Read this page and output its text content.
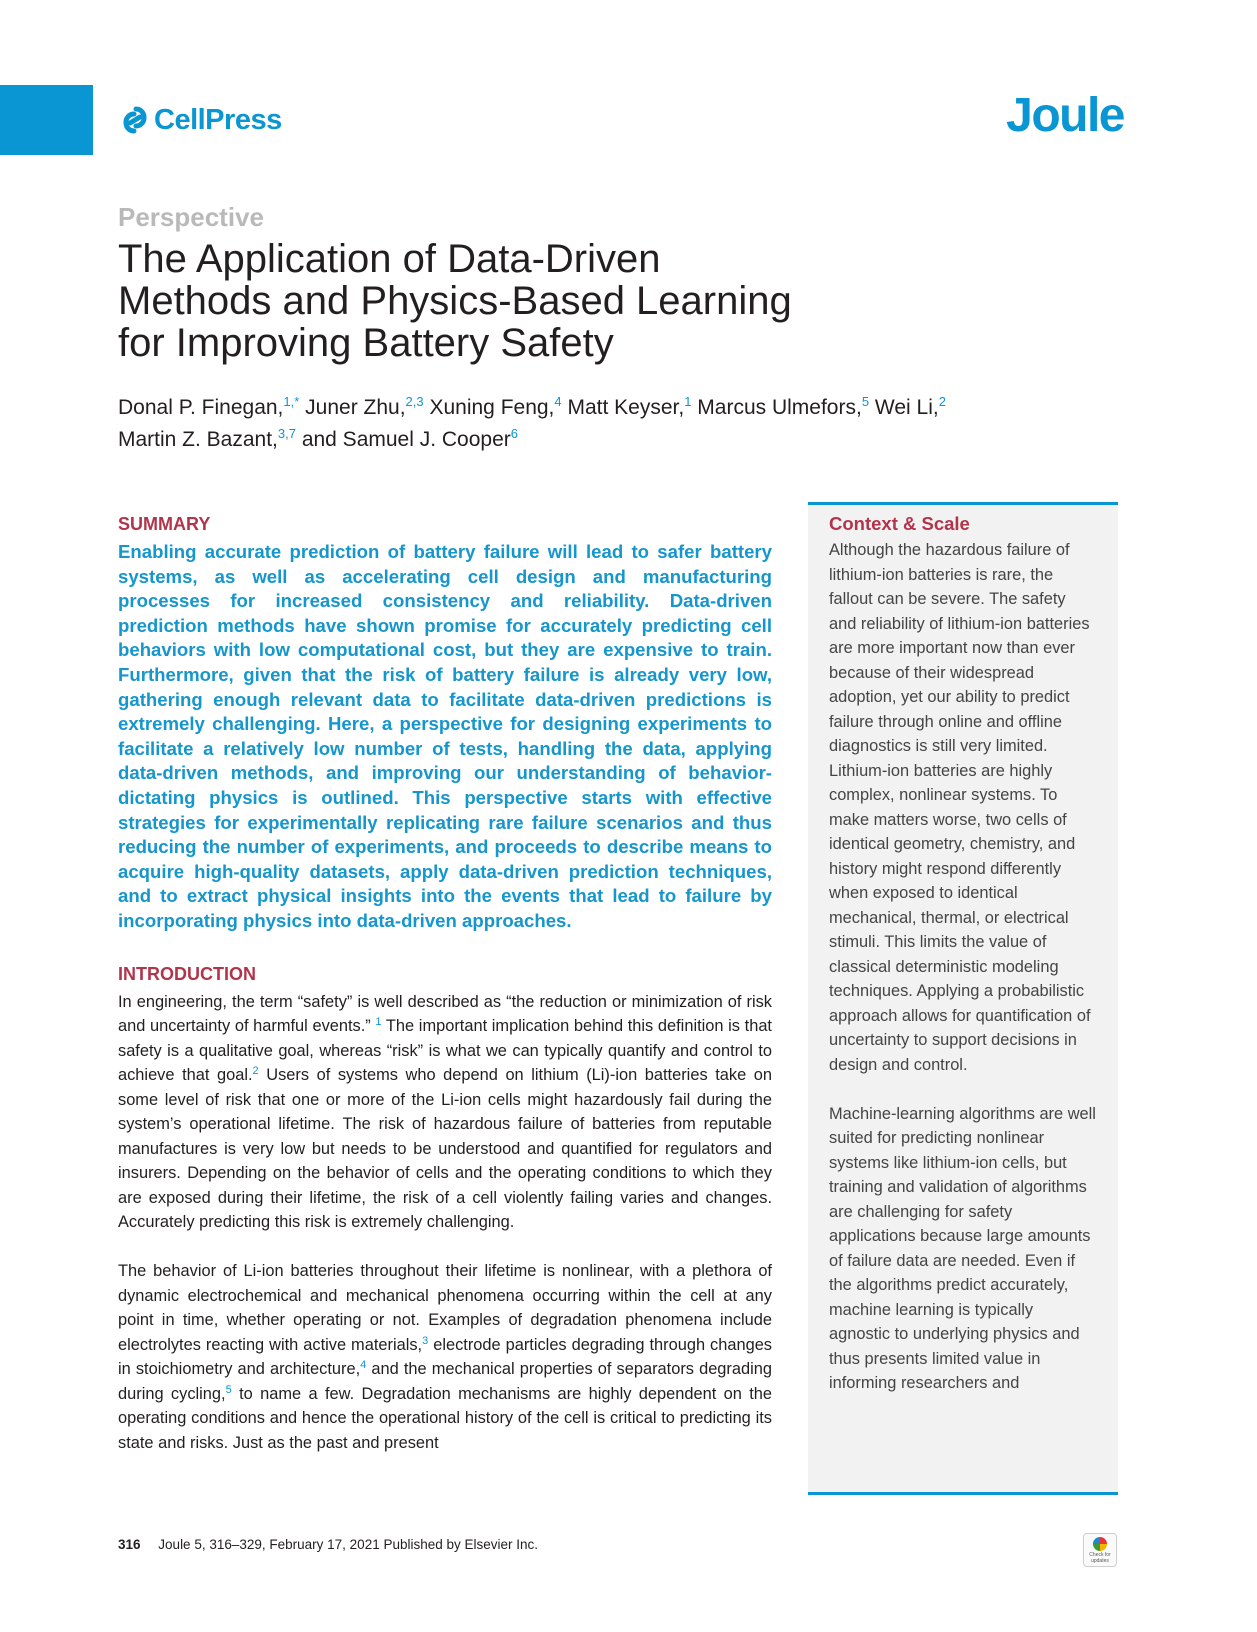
CellPress	Joule
Perspective
The Application of Data-Driven
Methods and Physics-Based Learning
for Improving Battery Safety
Donal P. Finegan,$^{1,*}$ Juner Zhu,$^{2,3}$ Xuning Feng,$^4$ Matt Keyser,$^1$ Marcus Ulmefors,$^5$ Wei Li,$^2$
Martin Z. Bazant,$^{3,7}$ and Samuel J. Cooper$^6$
SUMMARY

Enabling accurate prediction of battery failure will lead to safer battery systems, as well as accelerating cell design and manufacturing processes for increased consistency and reliability. Data-driven prediction methods have shown promise for accurately predicting cell behaviors with low computational cost, but they are expensive to train. Furthermore, given that the risk of battery failure is already very low, gathering enough relevant data to facilitate data-driven predictions is extremely challenging. Here, a perspective for designing experiments to facilitate a relatively low number of tests, handling the data, applying data-driven methods, and improving our understanding of behavior-dictating physics is outlined. This perspective starts with effective strategies for experimentally replicating rare failure scenarios and thus reducing the number of experiments, and proceeds to describe means to acquire high-quality datasets, apply data-driven prediction techniques, and to extract physical insights into the events that lead to failure by incorporating physics into data-driven approaches.

INTRODUCTION

In engineering, the term “safety” is well described as “the reduction or minimization of risk and uncertainty of harmful events.” $^1$ The important implication behind this definition is that safety is a qualitative goal, whereas “risk” is what we can typically quantify and control to achieve that goal.$^2$ Users of systems who depend on lithium (Li)-ion batteries take on some level of risk that one or more of the Li-ion cells might hazardously fail during the system’s operational lifetime. The risk of hazardous failure of batteries from reputable manufactures is very low but needs to be understood and quantified for regulators and insurers. Depending on the behavior of cells and the operating conditions to which they are exposed during their lifetime, the risk of a cell violently failing varies and changes. Accurately predicting this risk is extremely challenging.

The behavior of Li-ion batteries throughout their lifetime is nonlinear, with a plethora of dynamic electrochemical and mechanical phenomena occurring within the cell at any point in time, whether operating or not. Examples of degradation phenomena include electrolytes reacting with active materials,$^3$ electrode particles degrading through changes in stoichiometry and architecture,$^4$ and the mechanical properties of separators degrading during cycling,$^5$ to name a few. Degradation mechanisms are highly dependent on the operating conditions and hence the operational history of the cell is critical to predicting its state and risks. Just as the past and present

Context & Scale

Although the hazardous failure of lithium-ion batteries is rare, the fallout can be severe. The safety and reliability of lithium-ion batteries are more important now than ever because of their widespread adoption, yet our ability to predict failure through online and offline diagnostics is still very limited. Lithium-ion batteries are highly complex, nonlinear systems. To make matters worse, two cells of identical geometry, chemistry, and history might respond differently when exposed to identical mechanical, thermal, or electrical stimuli. This limits the value of classical deterministic modeling techniques. Applying a probabilistic approach allows for quantification of uncertainty to support decisions in design and control.

Machine-learning algorithms are well suited for predicting nonlinear systems like lithium-ion cells, but training and validation of algorithms are challenging for safety applications because large amounts of failure data are needed. Even if the algorithms predict accurately, machine learning is typically agnostic to underlying physics and thus presents limited value in informing researchers and

316 Joule 5, 316–329, February 17, 2021 Published by Elsevier Inc.
Check for updates
